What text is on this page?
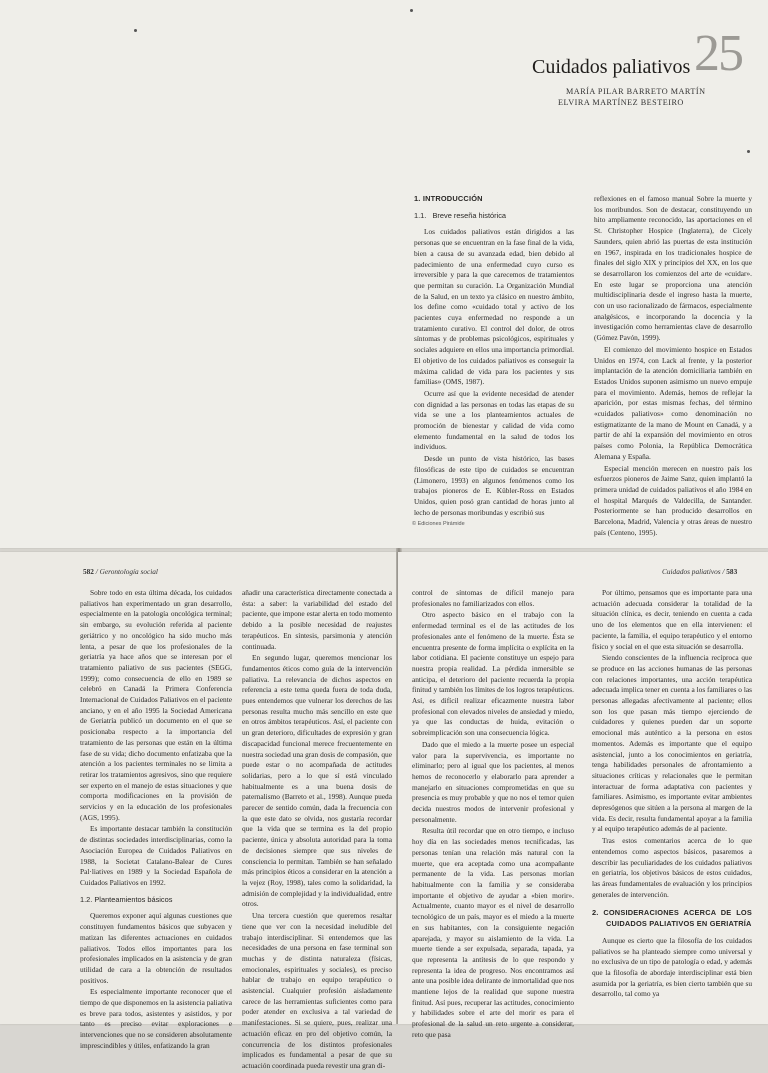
25
Cuidados paliativos
MARÍA PILAR BARRETO MARTÍN
ELVIRA MARTÍNEZ BESTEIRO
1. INTRODUCCIÓN
1.1. Breve reseña histórica

Los cuidados paliativos están dirigidos a las personas que se encuentran en la fase final de la vida, bien a causa de su avanzada edad, bien debido al padecimiento de una enfermedad cuyo curso es irreversible y para la que carecemos de tratamientos que permitan su curación. La Organización Mundial de la Salud, en un texto ya clásico en nuestro ámbito, los define como «cuidado total y activo de los pacientes cuya enfermedad no responde a un tratamiento curativo. El control del dolor, de otros síntomas y de problemas psicológicos, espirituales y sociales adquiere en ellos una importancia primordial. El objetivo de los cuidados paliativos es conseguir la máxima calidad de vida para los pacientes y sus familias» (OMS, 1987).

Ocurre así que la evidente necesidad de atender con dignidad a las personas en todas las etapas de su vida se une a los planteamientos actuales de promoción de bienestar y calidad de vida como elemento fundamental en la salud de todos los individuos.

Desde un punto de vista histórico, las bases filosóficas de este tipo de cuidados se encuentran (Limonero, 1993) en algunos fenómenos como los trabajos pioneros de E. Kübler-Ross en Estados Unidos, quien posó gran cantidad de horas junto al lecho de personas moribundas y escribió sus

reflexiones en el famoso manual Sobre la muerte y los moribundos. Son de destacar, constituyendo un hito ampliamente reconocido, las aportaciones en el St. Christopher Hospice (Inglaterra), de Cicely Saunders, quien abrió las puertas de esta institución en 1967, inspirada en los tradicionales hospice de finales del siglo XIX y principios del XX, en los que se desarrollaron los comienzos del arte de «cuidar». En este lugar se proporciona una atención multidisciplinaria desde el ingreso hasta la muerte, con un uso racionalizado de fármacos, especialmente analgésicos, e incorporando la docencia y la investigación como herramientas clave de desarrollo (Gómez Pavón, 1999).

El comienzo del movimiento hospice en Estados Unidos en 1974, con Lack al frente, y la posterior implantación de la atención domiciliaria también en Estados Unidos suponen asimismo un nuevo empuje para el movimiento. Además, hemos de reflejar la aparición, por estas mismas fechas, del término «cuidados paliativos» como denominación no estigmatizante de la mano de Mount en Canadá, y a partir de ahí la expansión del movimiento en otros países como Polonia, la República Democrática Alemana y España.

Especial mención merecen en nuestro país los esfuerzos pioneros de Jaime Sanz, quien implantó la primera unidad de cuidados paliativos el año 1984 en el hospital Marqués de Valdecilla, de Santander. Posteriormente se han producido desarrollos en Barcelona, Madrid, Valencia y otras áreas de nuestro país (Centeno, 1995).

© Ediciones Pirámide
582 / Gerontología social

Sobre todo en esta última década, los cuidados paliativos han experimentado un gran desarrollo, especialmente en la patología oncológica terminal; sin embargo, su evolución referida al paciente geriátrico y no oncológico ha sido mucho más lenta, a pesar de que los profesionales de la geriatría ya hace años que se interesan por el tratamiento paliativo de sus pacientes (SEGG, 1999); como consecuencia de ello en 1989 se celebró en Canadá la Primera Conferencia Internacional de Cuidados Paliativos en el paciente anciano, y en el año 1995 la Sociedad Americana de Geriatría publicó un documento en el que se posicionaba respecto a la importancia del tratamiento de las personas que están en la última fase de su vida; dicho documento enfatizaba que la atención a los pacientes terminales no se limita a retirar los tratamientos agresivos, sino que requiere ser experto en el manejo de estas situaciones y que comporta modificaciones en la provisión de servicios y en la educación de los profesionales (AGS, 1995).

Es importante destacar también la constitución de distintas sociedades interdisciplinarias, como la Asociación Europea de Cuidados Paliativos en 1988, la Societat Catalano-Balear de Cures Pal·liatives en 1989 y la Sociedad Española de Cuidados Paliativos en 1992.

1.2. Planteamientos básicos

Queremos exponer aquí algunas cuestiones que constituyen fundamentos básicos que subyacen y matizan las diferentes actuaciones en cuidados paliativos. Todos ellos importantes para los profesionales implicados en la asistencia y de gran utilidad de cara a la obtención de resultados positivos.

Es especialmente importante reconocer que el tiempo de que disponemos en la asistencia paliativa es breve para todos, asistentes y asistidos, y por tanto es preciso evitar exploraciones e intervenciones que no se consideren absolutamente imprescindibles y útiles, enfatizando la gran

añadir una característica directamente conectada a ésta: a saber: la variabilidad del estado del paciente, que impone estar alerta en todo momento debido a la posible necesidad de reajustes terapéuticos. En síntesis, parsimonia y atención continuada.

En segundo lugar, queremos mencionar los fundamentos éticos como guía de la intervención paliativa. La relevancia de dichos aspectos en referencia a este tema queda fuera de toda duda, pues entendemos que vulnerar los derechos de las personas resulta mucho más sencillo en este que en otros ámbitos terapéuticos. Así, el paciente con un gran deterioro, dificultades de expresión y gran discapacidad funcional merece frecuentemente en nuestra sociedad una gran dosis de compasión, que puede estar o no acompañada de actitudes solidarias, pero a lo que sí está vinculado habitualmente es a una buena dosis de paternalismo (Barreto et al., 1998). Aunque pueda parecer de sentido común, dada la frecuencia con la que este dato se olvida, nos gustaría recordar que la vida que se termina es la del propio paciente, única y absoluta autoridad para la toma de decisiones siempre que sus niveles de consciencia lo permitan. También se han señalado más principios éticos a considerar en la atención a la vejez (Roy, 1998), tales como la solidaridad, la admisión de complejidad y la individualidad, entre otros.

Una tercera cuestión que queremos resaltar tiene que ver con la necesidad ineludible del trabajo interdisciplinar. Si entendemos que las necesidades de una persona en fase terminal son muchas y de distinta naturaleza (físicas, emocionales, espirituales y sociales), es preciso hablar de trabajo en equipo terapéutico o asistencial. Cualquier profesión aisladamente carece de las herramientas suficientes como para poder atender en exclusiva a tal variedad de manifestaciones. Si se quiere, pues, realizar una actuación eficaz en pro del objetivo común, la concurrencia de los distintos profesionales implicados es fundamental a pesar de que su actuación coordinada pueda revestir una gran di-

Cuidados paliativos / 583

control de síntomas de difícil manejo para profesionales no familiarizados con ellos.

Otro aspecto básico en el trabajo con la enfermedad terminal es el de las actitudes de los profesionales ante el fenómeno de la muerte. Ésta se encuentra presente de forma implícita o explícita en la labor cotidiana. El paciente constituye un espejo para nuestra propia realidad. La pérdida inmersible se anticipa, el deterioro del paciente recuerda la propia finitud y también los límites de los logros terapéuticos. Así, es difícil realizar eficazmente nuestra labor profesional con elevados niveles de ansiedad y miedo, ya que las conductas de huida, evitación o sobreimplicación son una consecuencia lógica.

Dado que el miedo a la muerte posee un especial valor para la supervivencia, es importante no eliminarlo; pero al igual que los pacientes, al menos hemos de reconocerlo y elaborarlo para aprender a manejarlo en situaciones comprometidas en que su presencia es muy probable y que no nos el temor quien decida nuestros modos de intervenir profesional y personalmente.

Resulta útil recordar que en otro tiempo, e incluso hoy día en las sociedades menos tecnificadas, las personas tenían una relación más natural con la muerte, que era aceptada como una acompañante permanente de la vida. Las personas morían habitualmente con la familia y se consideraba importante el objetivo de ayudar a «bien morir». Actualmente, cuanto mayor es el nivel de desarrollo tecnológico de un país, mayor es el miedo a la muerte en sus habitantes, con la consiguiente negación aparejada, y mayor su aislamiento de la vida. La muerte tiende a ser expulsada, separada, tapada, ya que representa la antítesis de lo que respondo y representa la idea de progreso. Nos encontramos así ante una posible idea delirante de inmortalidad que nos mantiene lejos de la realidad que supone nuestra finitud. Así pues, recuperar las actitudes, conocimiento y habilidades sobre el arte del morir es para el profesional de la salud un reto urgente a considerar, reto que pasa

Por último, pensamos que es importante para una actuación adecuada considerar la totalidad de la situación clínica, es decir, teniendo en cuenta a cada uno de los elementos que en ella intervienen: el paciente, la familia, el equipo terapéutico y el entorno físico y social en el que esta situación se desarrolla.

Siendo conscientes de la influencia recíproca que se produce en las acciones humanas de las personas con relaciones importantes, una acción terapéutica adecuada implica tener en cuenta a los familiares o las personas allegadas afectivamente al paciente; ellos son los que pasan más tiempo ejerciendo de cuidadores y quienes pueden dar un soporte emocional más auténtico a la persona en estos momentos. Además es importante que el equipo asistencial, junto a los conocimientos en geriatría, tenga habilidades personales de afrontamiento a situaciones críticas y relacionales que le permitan interactuar de forma adaptativa con pacientes y familiares. Asimismo, es importante evitar ambientes depresógenos que sitúen a la persona al margen de la vida. Es decir, resulta fundamental apoyar a la familia y al equipo terapéutico además de al paciente.

Tras estos comentarios acerca de lo que entendemos como aspectos básicos, pasaremos a describir las peculiaridades de los cuidados paliativos en geriatría, los objetivos básicos de estos cuidados, las áreas fundamentales de evaluación y los principios generales de intervención.

2. CONSIDERACIONES ACERCA DE LOS CUIDADOS PALIATIVOS EN GERIATRÍA

Aunque es cierto que la filosofía de los cuidados paliativos se ha planteado siempre como universal y no exclusiva de un tipo de patología o edad, y además que la filosofía de abordaje interdisciplinar está bien asumida por la geriatría, es bien cierto también que su desarrollo, tal como ya
